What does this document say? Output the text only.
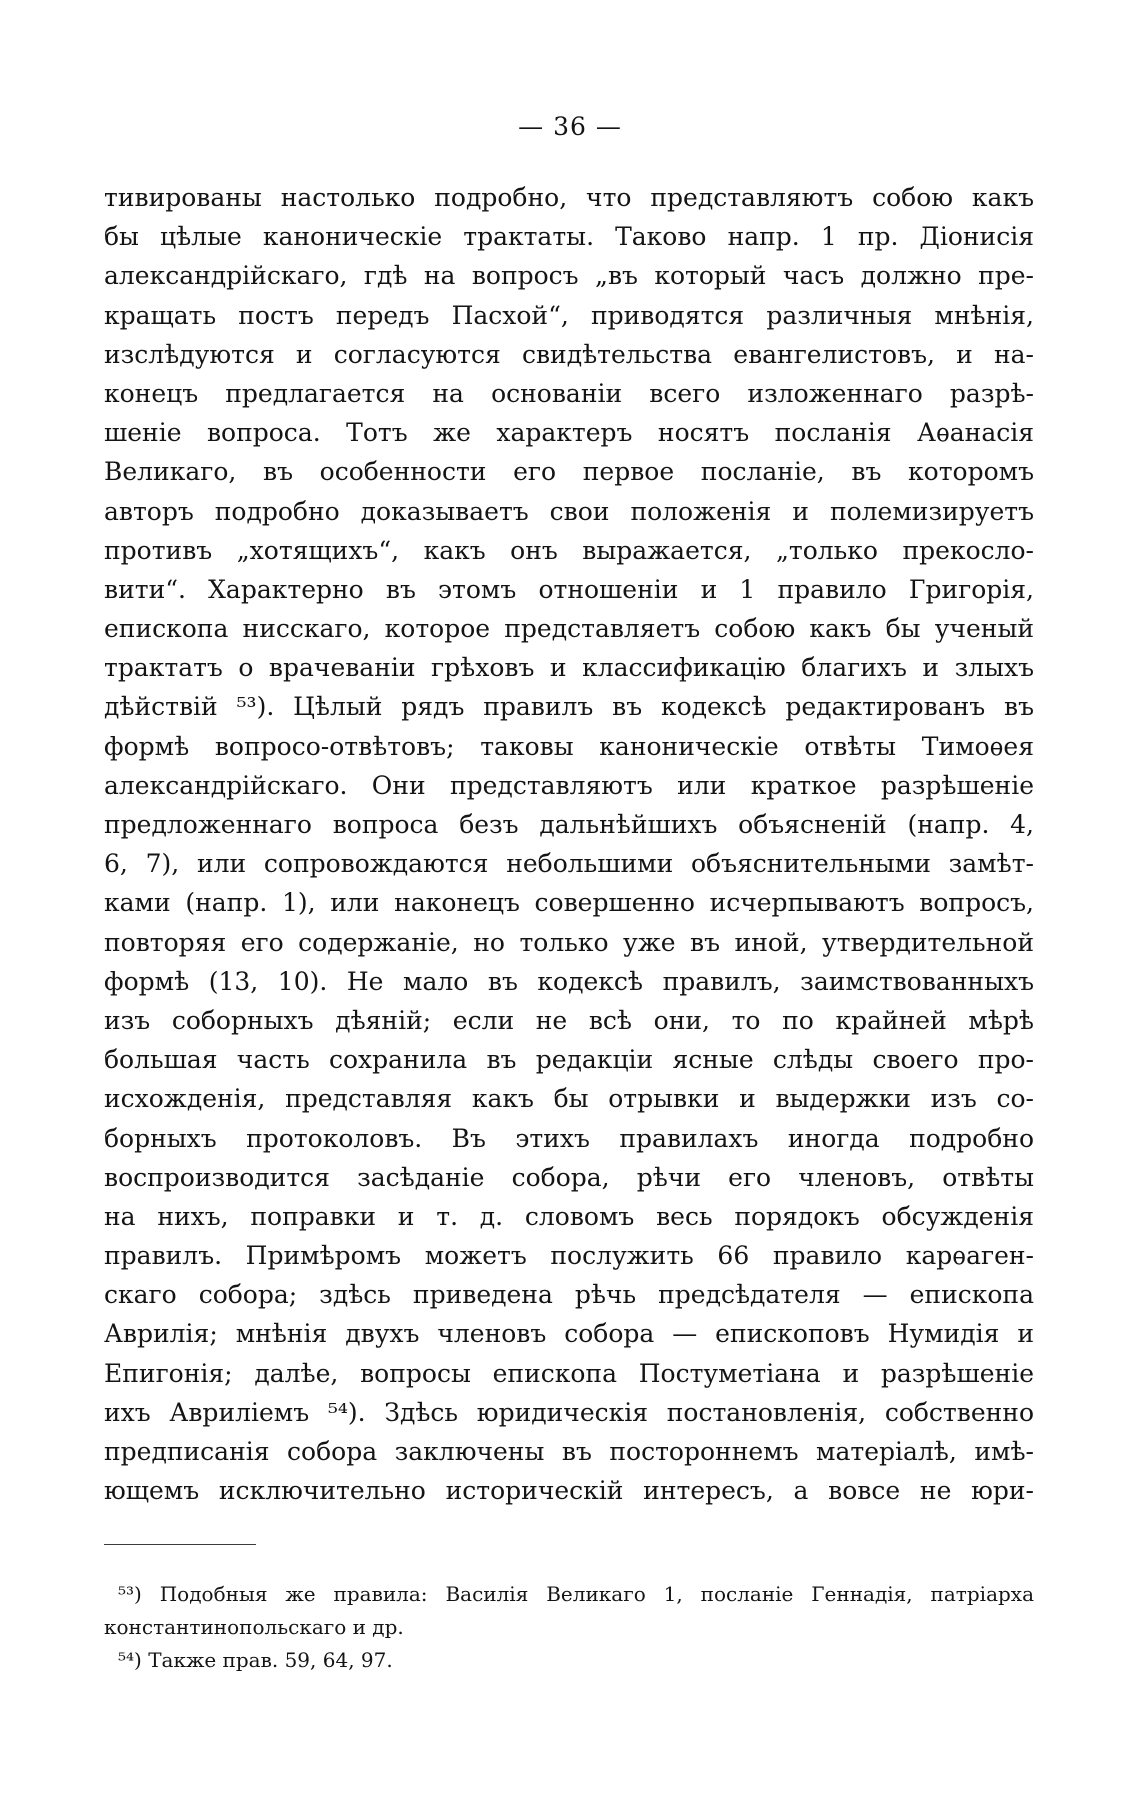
— 36 —
тивированы настолько подробно, что представляютъ собою какъ
бы цѣлые каноническіе трактаты. Таково напр. 1 пр. Діонисія
александрійскаго, гдѣ на вопросъ „въ который часъ должно пре-
кращать постъ передъ Пасхой“, приводятся различныя мнѣнія,
изслѣдуются и согласуются свидѣтельства евангелистовъ, и на-
конецъ предлагается на основаніи всего изложеннаго разрѣ-
шеніе вопроса. Тотъ же характеръ носятъ посланія Аѳанасія
Великаго, въ особенности его первое посланіе, въ которомъ
авторъ подробно доказываетъ свои положенія и полемизируетъ
противъ „хотящихъ“, какъ онъ выражается, „только прекосло-
вити“. Характерно въ этомъ отношеніи и 1 правило Григорія,
епископа нисскаго, которое представляетъ собою какъ бы ученый
трактатъ о врачеваніи грѣховъ и классификацію благихъ и злыхъ
дѣйствій ⁵³). Цѣлый рядъ правилъ въ кодексѣ редактированъ въ
формѣ вопросо-отвѣтовъ; таковы каноническіе отвѣты Тимоѳея
александрійскаго. Они представляютъ или краткое разрѣшеніе
предложеннаго вопроса безъ дальнѣйшихъ объясненій (напр. 4,
6, 7), или сопровождаются небольшими объяснительными замѣт-
ками (напр. 1), или наконецъ совершенно исчерпываютъ вопросъ,
повторяя его содержаніе, но только уже въ иной, утвердительной
формѣ (13, 10). Не мало въ кодексѣ правилъ, заимствованныхъ
изъ соборныхъ дѣяній; если не всѣ они, то по крайней мѣрѣ
большая часть сохранила въ редакціи ясные слѣды своего про-
исхожденія, представляя какъ бы отрывки и выдержки изъ со-
борныхъ протоколовъ. Въ этихъ правилахъ иногда подробно
воспроизводится засѣданіе собора, рѣчи его членовъ, отвѣты
на нихъ, поправки и т. д. словомъ весь порядокъ обсужденія
правилъ. Примѣромъ можетъ послужить 66 правило карѳаген-
скаго собора; здѣсь приведена рѣчь предсѣдателя — епископа
Аврилія; мнѣнія двухъ членовъ собора — епископовъ Нумидія и
Епигонія; далѣе, вопросы епископа Постуметіана и разрѣшеніе
ихъ Авриліемъ ⁵⁴). Здѣсь юридическія постановленія, собственно
предписанія собора заключены въ постороннемъ матеріалѣ, имѣ-
ющемъ исключительно историческій интересъ, а вовсе не юри-
⁵³) Подобныя же правила: Василія Великаго 1, посланіе Геннадія, патріарха
константинопольскаго и др.
⁵⁴) Также прав. 59, 64, 97.
